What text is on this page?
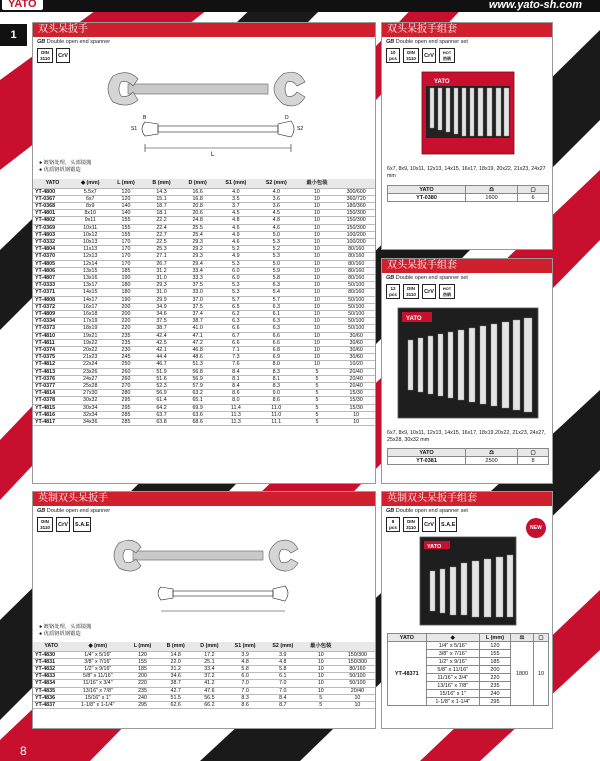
YATO	www.yato-sh.com
1
8
双头呆扳手
GB Double open end spanner
DIN 3110	CrV
L
S1	S2
B	D
● 镀铬处理，头部镜抛
● 优质铬钒钢锻造
YATO	◆ (mm)	L (mm)	B (mm)	D (mm)	S1 (mm)	S2 (mm)	最小包装	
YT-4800	5.5x7	120	14.3	16.6	4.0	4.0	10	300/600
YT-0367	6x7	120	15.1	16.8	3.5	3.6	10	360/720
YT-0368	8x9	140	18.7	20.8	3.7	3.6	10	180/360
YT-4801	8x10	140	18.1	20.6	4.5	4.5	10	150/300
YT-4802	9x11	155	22.2	24.8	4.8	4.8	10	150/300
YT-0369	10x11	155	22.4	25.5	4.6	4.6	10	150/300
YT-4803	10x12	155	22.7	25.4	4.9	5.0	10	100/200
YT-0332	10x13	170	22.5	29.3	4.6	5.3	10	100/200
YT-4804	11x13	170	25.3	29.2	5.2	5.2	10	80/160
YT-0370	12x13	170	27.1	29.3	4.9	5.3	10	80/160
YT-4805	12x14	170	26.7	29.4	5.3	5.0	10	80/160
YT-4806	13x15	185	31.2	33.4	6.0	5.9	10	80/160
YT-4807	13x16	190	31.0	33.3	6.0	5.8	10	80/160
YT-0333	13x17	180	29.3	37.5	5.3	6.3	10	50/100
YT-0371	14x15	180	31.0	33.0	5.3	5.4	10	80/160
YT-4808	14x17	190	29.9	37.0	5.7	5.7	10	50/100
YT-0372	16x17	200	34.9	37.5	6.5	6.3	10	50/100
YT-4809	16x18	200	34.6	37.4	6.2	6.1	10	50/100
YT-0334	17x19	220	37.5	38.7	6.3	6.3	10	50/100
YT-0373	18x19	220	38.7	41.0	6.6	6.3	10	50/100
YT-4810	19x21	235	42.4	47.1	6.7	6.6	10	30/60
YT-4811	19x22	235	42.5	47.2	6.6	6.6	10	30/60
YT-0374	20x22	230	42.1	46.8	7.1	6.8	10	30/60
YT-0375	21x23	245	44.4	48.6	7.3	6.9	10	30/60
YT-4812	22x24	250	46.7	51.3	7.6	8.0	10	10/20
YT-4813	23x26	260	51.9	56.8	8.4	8.3	5	20/40
YT-0376	24x27	260	51.6	56.9	8.1	8.1	5	20/40
YT-0377	25x28	270	52.3	57.9	8.4	8.3	5	20/40
YT-4814	27x30	280	56.9	63.2	8.6	9.0	5	15/30
YT-0378	30x32	295	61.4	65.1	8.0	8.6	5	15/30
YT-4815	30x34	295	64.2	69.9	11.4	11.0	5	15/30
YT-4816	32x34	285	63.7	63.6	11.3	11.0	5	10
YT-4817	34x36	285	63.8	68.6	11.3	11.1	5	10
英制双头呆扳手
GB Double open end spanner
DIN 3110	CrV	S.A.E
● 镀铬处理，头部镜抛
● 优质铬钒钢锻造
YATO	◆ (mm)	L (mm)	B (mm)	D (mm)	S1 (mm)	S2 (mm)	最小包装	
YT-4830	1/4" x 5/16"	120	14.8	17.2	3.9	3.9	10	150/300
YT-4831	3/8" x 7/16"	155	22.0	25.1	4.8	4.8	10	150/300
YT-4832	1/2" x 9/16"	185	31.2	33.4	5.8	5.8	10	80/160
YT-4833	5/8" x 11/16"	200	34.6	37.2	6.0	6.1	10	50/100
YT-4834	11/16" x 3/4"	220	38.7	41.2	7.0	7.0	10	50/100
YT-4835	13/16" x 7/8"	235	42.7	47.6	7.0	7.0	10	20/40
YT-4836	15/16" x 1"	240	51.5	56.5	8.3	8.4	5	10
YT-4837	1-1/8" x 1-1/4"	295	62.6	66.2	8.6	8.7	5	10
双头呆扳手组套
GB Double open end spanner set
10 pcs
DIN 3110	CrV
HOT 热销
YATO
6x7, 8x9, 10x11, 12x13, 14x15, 16x17, 18x19, 20x22, 21x23, 24x27 mm
YATO	⚖	▢
YT-0380	1600	6
双头呆扳手组套
GB Double open end spanner set
12 pcs
DIN 3110	CrV
HOT 热销
YATO
6x7, 8x9, 10x11, 12x13, 14x15, 16x17, 18x19,20x22, 21x23, 24x27, 25x28, 30x32 mm
YATO	⚖	▢
YT-0381	2500	8
英制双头呆扳手组套
GB Double open end spanner set
8 pcs
DIN 3110	CrV	S.A.E
NEW
YATO
YATO	◆	L (mm)	⚖	▢
YT-48371	1/4" x 5/16"	120	1800	10
	3/8" x 7/16"	155		
	1/2" x 9/16"	185		
	5/8" x 11/16"	200		
	11/16" x 3/4"	220		
	13/16" x 7/8"	235		
	15/16" x 1"	240		
	1-1/8" x 1-1/4"	295		
